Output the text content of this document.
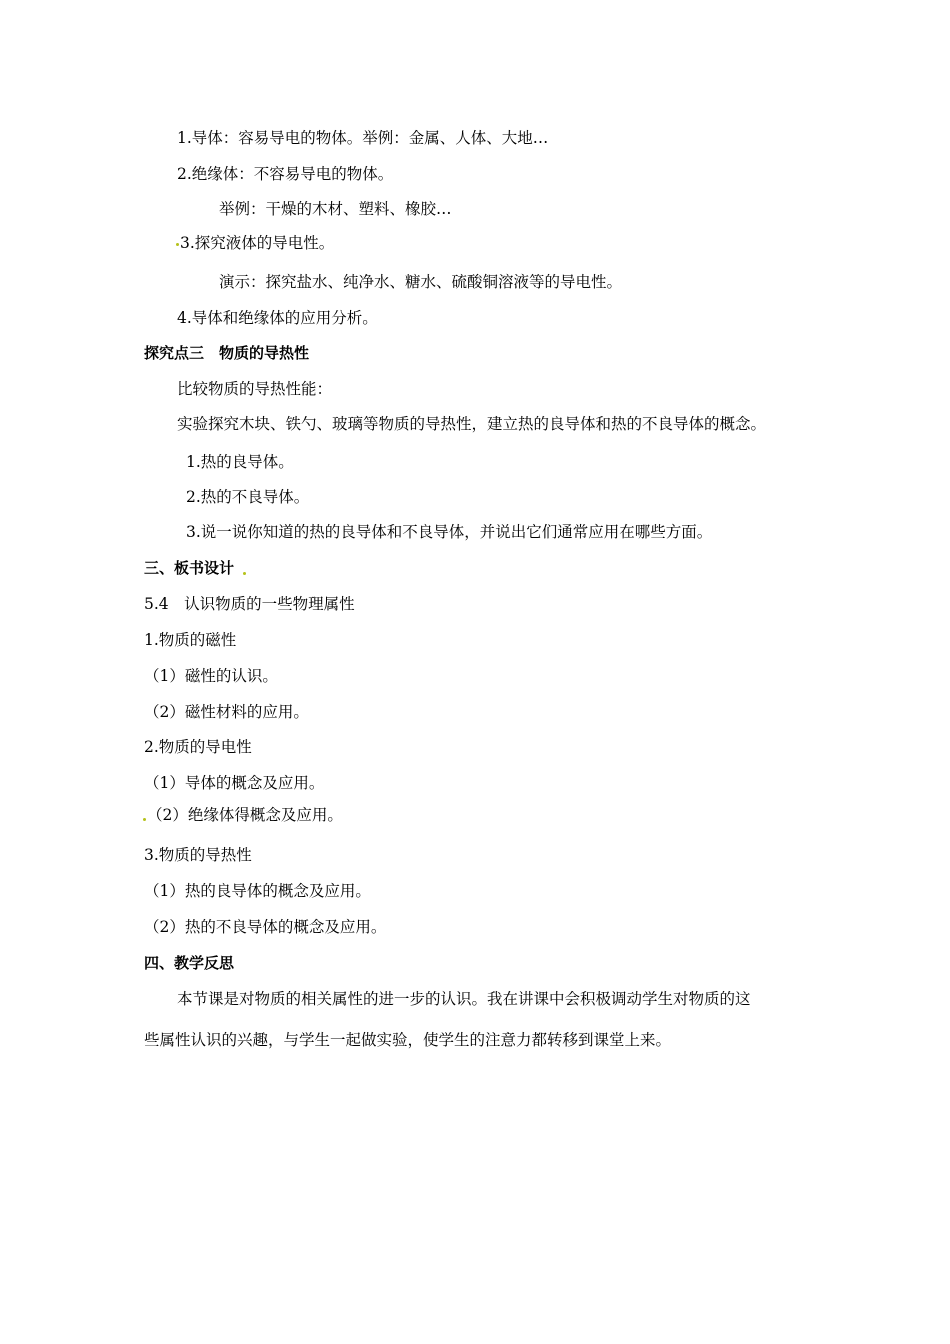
1.导体：容易导电的物体。举例：金属、人体、大地…
2.绝缘体：不容易导电的物体。
举例：干燥的木材、塑料、橡胶…
3.探究液体的导电性。
演示：探究盐水、纯净水、糖水、硫酸铜溶液等的导电性。
4.导体和绝缘体的应用分析。
探究点三　物质的导热性
比较物质的导热性能：
实验探究木块、铁勺、玻璃等物质的导热性，建立热的良导体和热的不良导体的概念。
1.热的良导体。
2.热的不良导体。
3.说一说你知道的热的良导体和不良导体，并说出它们通常应用在哪些方面。
三、板书设计
5.4　认识物质的一些物理属性
1.物质的磁性
（1）磁性的认识。
（2）磁性材料的应用。
2.物质的导电性
（1）导体的概念及应用。
（2）绝缘体得概念及应用。
3.物质的导热性
（1）热的良导体的概念及应用。
（2）热的不良导体的概念及应用。
四、教学反思
本节课是对物质的相关属性的进一步的认识。我在讲课中会积极调动学生对物质的这
些属性认识的兴趣，与学生一起做实验，使学生的注意力都转移到课堂上来。
